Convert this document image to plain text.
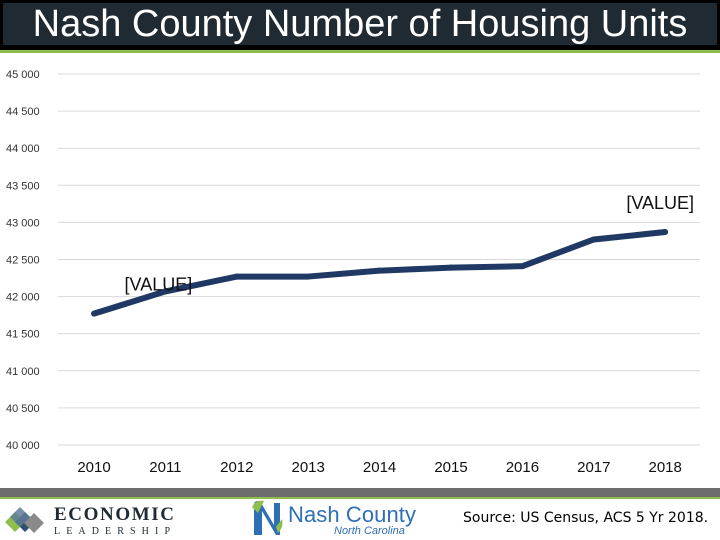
Nash County Number of Housing Units
40 000
40 500
41 000
41 500
42 000
42 500
43 000
43 500
44 000
44 500
45 000
2010	2011	2012	2013	2014	2015	2016	2017	2018
[VALUE]
[VALUE]
ECONOMIC
LEADERSHIP
Nash County
North Carolina
Source: US Census, ACS 5 Yr 2018.
